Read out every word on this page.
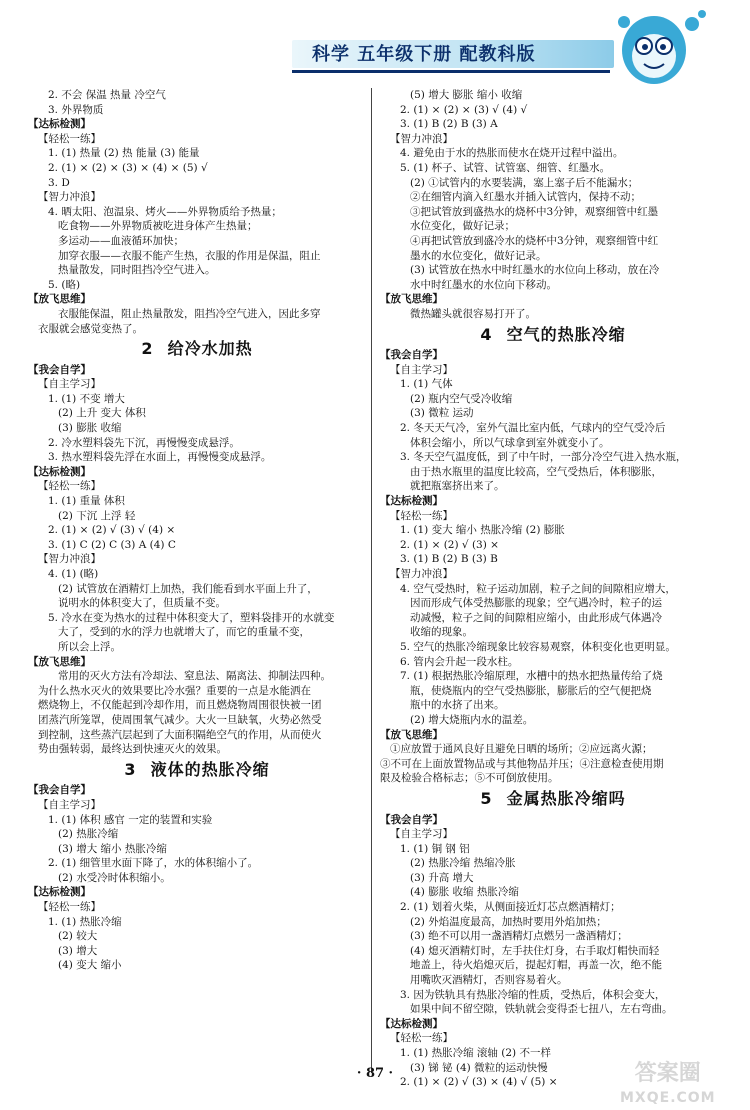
科学 五年级下册 配教科版
2. 不会 保温 热量 冷空气
3. 外界物质
【达标检测】
【轻松一练】
1. (1) 热量 (2) 热 能量 (3) 能量
2. (1) × (2) × (3) × (4) × (5) √
3. D
【智力冲浪】
4. 晒太阳、泡温泉、烤火——外界物质给予热量；
吃食物——外界物质被吃进身体产生热量；
多运动——血液循环加快；
加穿衣服——衣服不能产生热，衣服的作用是保温，阻止
热量散发，同时阻挡冷空气进入。
5. (略)
【放飞思维】
衣服能保温，阻止热量散发，阻挡冷空气进入，因此多穿
衣服就会感觉变热了。
2 给冷水加热
【我会自学】
【自主学习】
1. (1) 不变 增大
(2) 上升 变大 体积
(3) 膨胀 收缩
2. 冷水塑料袋先下沉，再慢慢变成悬浮。
3. 热水塑料袋先浮在水面上，再慢慢变成悬浮。
【达标检测】
【轻松一练】
1. (1) 重量 体积
(2) 下沉 上浮 轻
2. (1) × (2) √ (3) √ (4) ×
3. (1) C (2) C (3) A (4) C
【智力冲浪】
4. (1) (略)
(2) 试管放在酒精灯上加热，我们能看到水平面上升了，
说明水的体积变大了，但质量不变。
5. 冷水在变为热水的过程中体积变大了，塑料袋排开的水就变
大了，受到的水的浮力也就增大了，而它的重量不变，
所以会上浮。
【放飞思维】
常用的灭火方法有冷却法、窒息法、隔离法、抑制法四种。
为什么热水灭火的效果要比冷水强？重要的一点是水能洒在
燃烧物上，不仅能起到冷却作用，而且燃烧物周围很快被一团
团蒸汽所笼罩，使周围氧气减少。大火一旦缺氧，火势必然受
到控制，这些蒸汽层起到了大面积隔绝空气的作用，从而使火
势由强转弱，最终达到快速灭火的效果。
3 液体的热胀冷缩
【我会自学】
【自主学习】
1. (1) 体积 感官 一定的装置和实验
(2) 热胀冷缩
(3) 增大 缩小 热胀冷缩
2. (1) 细管里水面下降了，水的体积缩小了。
(2) 水受冷时体积缩小。
【达标检测】
【轻松一练】
1. (1) 热胀冷缩
(2) 较大
(3) 增大
(4) 变大 缩小
(5) 增大 膨胀 缩小 收缩
2. (1) × (2) × (3) √ (4) √
3. (1) B (2) B (3) A
【智力冲浪】
4. 避免由于水的热胀而使水在烧开过程中溢出。
5. (1) 杯子、试管、试管塞、细管、红墨水。
(2) ①试管内的水要装满，塞上塞子后不能漏水；
②在细管内滴入红墨水并插入试管内，保持不动；
③把试管放到盛热水的烧杯中3分钟，观察细管中红墨
水位变化，做好记录；
④再把试管放到盛冷水的烧杯中3分钟，观察细管中红
墨水的水位变化，做好记录。
(3) 试管放在热水中时红墨水的水位向上移动，放在冷
水中时红墨水的水位向下移动。
【放飞思维】
微热罐头就很容易打开了。
4 空气的热胀冷缩
【我会自学】
【自主学习】
1. (1) 气体
(2) 瓶内空气受冷收缩
(3) 微粒 运动
2. 冬天天气冷，室外气温比室内低，气球内的空气受冷后
体积会缩小，所以气球拿到室外就变小了。
3. 冬天空气温度低，到了中午时，一部分冷空气进入热水瓶，
由于热水瓶里的温度比较高，空气受热后，体积膨胀，
就把瓶塞挤出来了。
【达标检测】
【轻松一练】
1. (1) 变大 缩小 热胀冷缩 (2) 膨胀
2. (1) × (2) √ (3) ×
3. (1) B (2) B (3) B
【智力冲浪】
4. 空气受热时，粒子运动加剧，粒子之间的间隙相应增大，
因而形成气体受热膨胀的现象；空气遇冷时，粒子的运
动减慢，粒子之间的间隙相应缩小，由此形成气体遇冷
收缩的现象。
5. 空气的热胀冷缩现象比较容易观察，体积变化也更明显。
6. 管内会升起一段水柱。
7. (1) 根据热胀冷缩原理，水槽中的热水把热量传给了烧
瓶，使烧瓶内的空气受热膨胀，膨胀后的空气便把烧
瓶中的水挤了出来。
(2) 增大烧瓶内水的温差。
【放飞思维】
①应放置于通风良好且避免日晒的场所；②应远离火源；
③不可在上面放置物品或与其他物品并压；④注意检查使用期
限及检验合格标志；⑤不可倒放使用。
5 金属热胀冷缩吗
【我会自学】
【自主学习】
1. (1) 铜 钢 铝
(2) 热胀冷缩 热缩冷胀
(3) 升高 增大
(4) 膨胀 收缩 热胀冷缩
2. (1) 划着火柴，从侧面接近灯芯点燃酒精灯；
(2) 外焰温度最高，加热时要用外焰加热；
(3) 绝不可以用一盏酒精灯点燃另一盏酒精灯；
(4) 熄灭酒精灯时，左手扶住灯身，右手取灯帽快而轻
地盖上，待火焰熄灭后，提起灯帽，再盖一次，绝不能
用嘴吹灭酒精灯，否则容易着火。
3. 因为铁轨具有热胀冷缩的性质，受热后，体积会变大，
如果中间不留空隙，铁轨就会变得歪七扭八，左右弯曲。
【达标检测】
【轻松一练】
1. (1) 热胀冷缩 滚轴 (2) 不一样
(3) 锑 铋 (4) 微粒的运动快慢
2. (1) × (2) √ (3) × (4) √ (5) ×
· 87 ·	答案圈
MXQE.COM
